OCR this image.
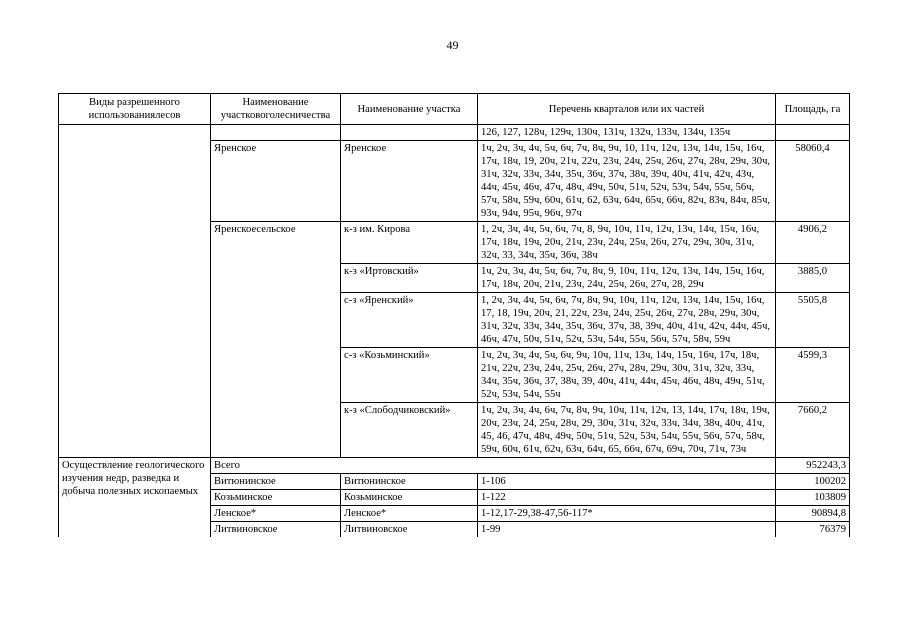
49
Виды разрешенного использованиялесов	Наименование участковоголесничества	Наименование участка	Перечень кварталов или их частей	Площадь, га
			126, 127, 128ч, 129ч, 130ч, 131ч, 132ч, 133ч, 134ч, 135ч	
	Яренское	Яренское	1ч, 2ч, 3ч, 4ч, 5ч, 6ч, 7ч, 8ч, 9ч, 10, 11ч, 12ч, 13ч, 14ч, 15ч, 16ч, 17ч, 18ч, 19, 20ч, 21ч, 22ч, 23ч, 24ч, 25ч, 26ч, 27ч, 28ч, 29ч, 30ч, 31ч, 32ч, 33ч, 34ч, 35ч, 36ч, 37ч, 38ч, 39ч, 40ч, 41ч, 42ч, 43ч, 44ч, 45ч, 46ч, 47ч, 48ч, 49ч, 50ч, 51ч, 52ч, 53ч, 54ч, 55ч, 56ч, 57ч, 58ч, 59ч, 60ч, 61ч, 62, 63ч, 64ч, 65ч, 66ч, 82ч, 83ч, 84ч, 85ч, 93ч, 94ч, 95ч, 96ч, 97ч	58060,4
	Яренскоесельское	к-з им. Кирова	1, 2ч, 3ч, 4ч, 5ч, 6ч, 7ч, 8, 9ч, 10ч, 11ч, 12ч, 13ч, 14ч, 15ч, 16ч, 17ч, 18ч, 19ч, 20ч, 21ч, 23ч, 24ч, 25ч, 26ч, 27ч, 29ч, 30ч, 31ч, 32ч, 33, 34ч, 35ч, 36ч, 38ч	4906,2
		к-з «Иртовский»	1ч, 2ч, 3ч, 4ч, 5ч, 6ч, 7ч, 8ч, 9, 10ч, 11ч, 12ч, 13ч, 14ч, 15ч, 16ч, 17ч, 18ч, 20ч, 21ч, 23ч, 24ч, 25ч, 26ч, 27ч, 28, 29ч	3885,0
		с-з «Яренский»	1, 2ч, 3ч, 4ч, 5ч, 6ч, 7ч, 8ч, 9ч, 10ч, 11ч, 12ч, 13ч, 14ч, 15ч, 16ч, 17, 18, 19ч, 20ч, 21, 22ч, 23ч, 24ч, 25ч, 26ч, 27ч, 28ч, 29ч, 30ч, 31ч, 32ч, 33ч, 34ч, 35ч, 36ч, 37ч, 38, 39ч, 40ч, 41ч, 42ч, 44ч, 45ч, 46ч, 47ч, 50ч, 51ч, 52ч, 53ч, 54ч, 55ч, 56ч, 57ч, 58ч, 59ч	5505,8
		с-з «Козьминский»	1ч, 2ч, 3ч, 4ч, 5ч, 6ч, 9ч, 10ч, 11ч, 13ч, 14ч, 15ч, 16ч, 17ч, 18ч, 21ч, 22ч, 23ч, 24ч, 25ч, 26ч, 27ч, 28ч, 29ч, 30ч, 31ч, 32ч, 33ч, 34ч, 35ч, 36ч, 37, 38ч, 39, 40ч, 41ч, 44ч, 45ч, 46ч, 48ч, 49ч, 51ч, 52ч, 53ч, 54ч, 55ч	4599,3
		к-з «Слободчиковский»	1ч, 2ч, 3ч, 4ч, 6ч, 7ч, 8ч, 9ч, 10ч, 11ч, 12ч, 13, 14ч, 17ч, 18ч, 19ч, 20ч, 23ч, 24, 25ч, 28ч, 29, 30ч, 31ч, 32ч, 33ч, 34ч, 38ч, 40ч, 41ч, 45, 46, 47ч, 48ч, 49ч, 50ч, 51ч, 52ч, 53ч, 54ч, 55ч, 56ч, 57ч, 58ч, 59ч, 60ч, 61ч, 62ч, 63ч, 64ч, 65, 66ч, 67ч, 69ч, 70ч, 71ч, 73ч	7660,2
Осуществление геологического изучения недр, разведка и добыча полезных ископаемых	Всего			952243,3
	Витюнинское	Витюнинское	1-106	100202
	Козьминское	Козьминское	1-122	103809
	Ленское*	Ленское*	1-12,17-29,38-47,56-117*	90894,8
	Литвиновское	Литвиновское	1-99	76379
